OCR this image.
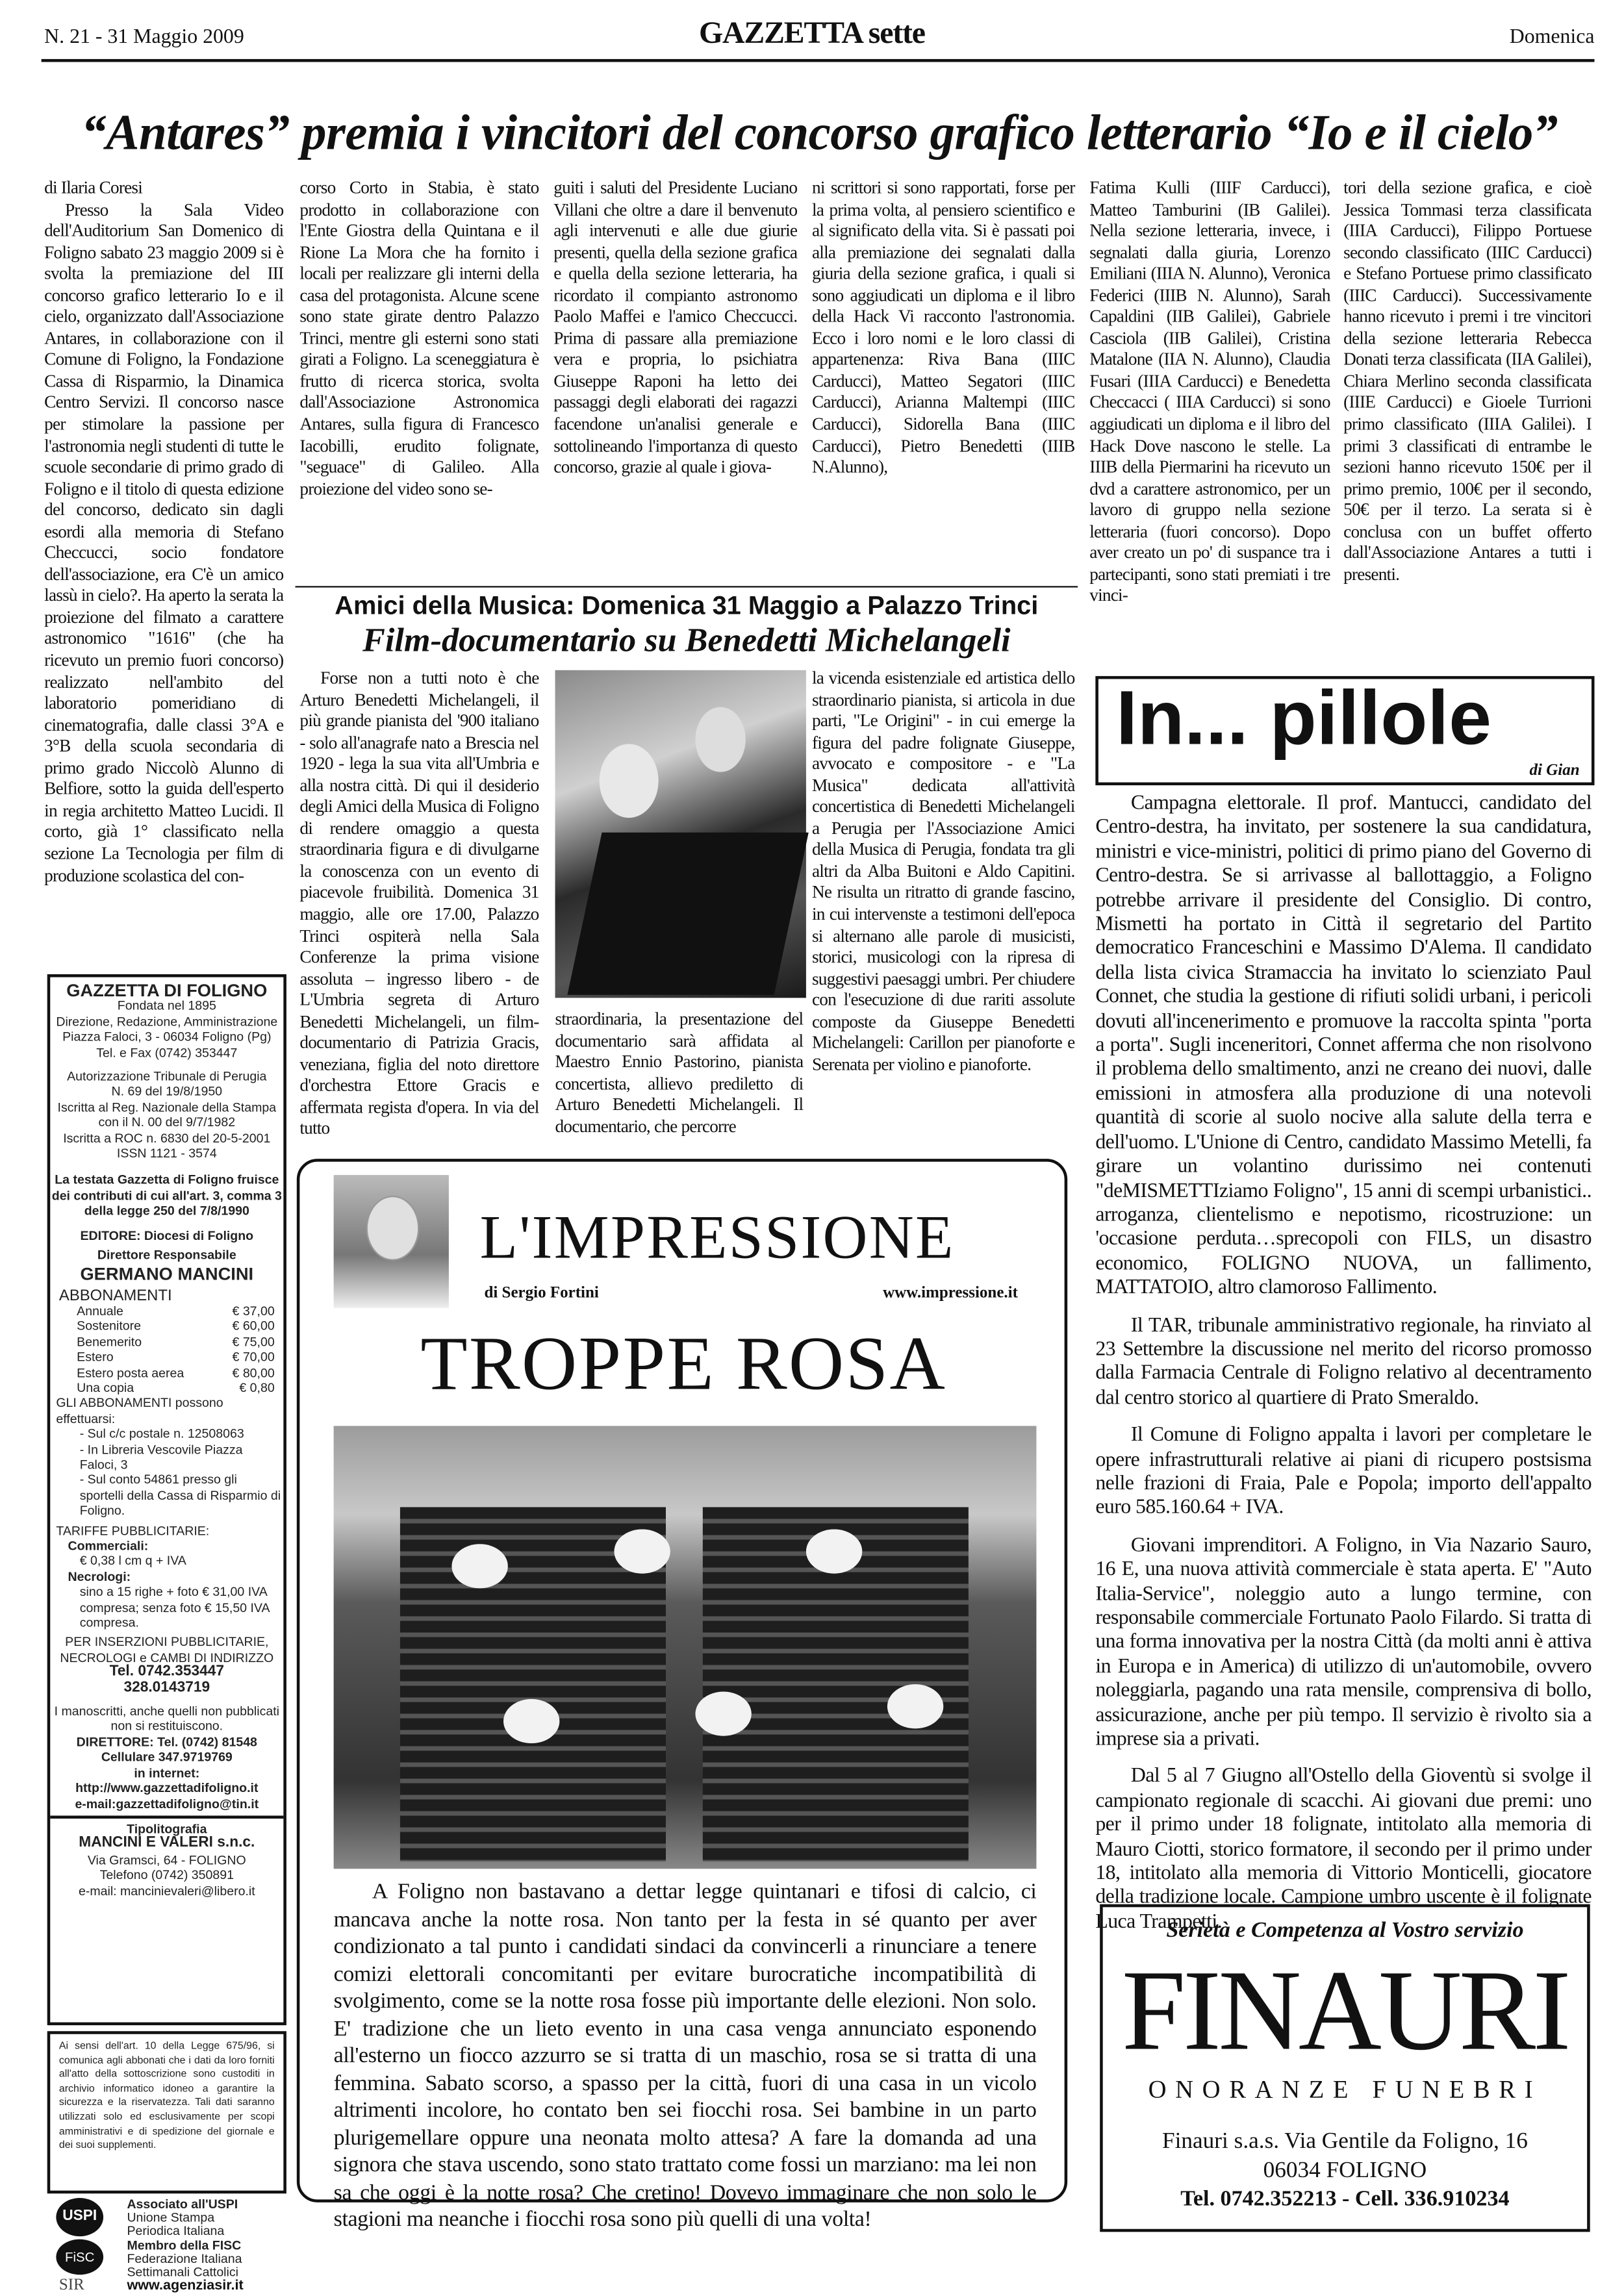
N. 21 - 31 Maggio 2009	GAZZETTA sette	Domenica
“Antares” premia i vincitori del concorso grafico letterario “Io e il cielo”
di Ilaria Coresi

Presso la Sala Video dell'Auditorium San Domenico di Foligno sabato 23 maggio 2009 si è svolta la premiazione del III concorso grafico letterario Io e il cielo, organizzato dall'Associazione Antares, in collaborazione con il Comune di Foligno, la Fondazione Cassa di Risparmio, la Dinamica Centro Servizi. Il concorso nasce per stimolare la passione per l'astronomia negli studenti di tutte le scuole secondarie di primo grado di Foligno e il titolo di questa edizione del concorso, dedicato sin dagli esordi alla memoria di Stefano Checcucci, socio fondatore dell'associazione, era C'è un amico lassù in cielo?. Ha aperto la serata la proiezione del filmato a carattere astronomico "1616" (che ha ricevuto un premio fuori concorso) realizzato nell'ambito del laboratorio pomeridiano di cinematografia, dalle classi 3°A e 3°B della scuola secondaria di primo grado Niccolò Alunno di Belfiore, sotto la guida dell'esperto in regia architetto Matteo Lucidi. Il corto, già 1° classificato nella sezione La Tecnologia per film di produzione scolastica del con-

corso Corto in Stabia, è stato prodotto in collaborazione con l'Ente Giostra della Quintana e il Rione La Mora che ha fornito i locali per realizzare gli interni della casa del protagonista. Alcune scene sono state girate dentro Palazzo Trinci, mentre gli esterni sono stati girati a Foligno. La sceneggiatura è frutto di ricerca storica, svolta dall'Associazione Astronomica Antares, sulla figura di Francesco Iacobilli, erudito folignate, "seguace" di Galileo. Alla proiezione del video sono se-

guiti i saluti del Presidente Luciano Villani che oltre a dare il benvenuto agli intervenuti e alle due giurie presenti, quella della sezione grafica e quella della sezione letteraria, ha ricordato il compianto astronomo Paolo Maffei e l'amico Checcucci. Prima di passare alla premiazione vera e propria, lo psichiatra Giuseppe Raponi ha letto dei passaggi degli elaborati dei ragazzi facendone un'analisi generale e sottolineando l'importanza di questo concorso, grazie al quale i giova-

ni scrittori si sono rapportati, forse per la prima volta, al pensiero scientifico e al significato della vita. Si è passati poi alla premiazione dei segnalati dalla giuria della sezione grafica, i quali si sono aggiudicati un diploma e il libro della Hack Vi racconto l'astronomia. Ecco i loro nomi e le loro classi di appartenenza: Riva Bana (IIIC Carducci), Matteo Segatori (IIIC Carducci), Arianna Maltempi (IIIC Carducci), Sidorella Bana (IIIC Carducci), Pietro Benedetti (IIIB N.Alunno),

Fatima Kulli (IIIF Carducci), Matteo Tamburini (IB Galilei). Nella sezione letteraria, invece, i segnalati dalla giuria, Lorenzo Emiliani (IIIA N. Alunno), Veronica Federici (IIIB N. Alunno), Sarah Capaldini (IIB Galilei), Gabriele Casciola (IIB Galilei), Cristina Matalone (IIA N. Alunno), Claudia Fusari (IIIA Carducci) e Benedetta Checcacci ( IIIA Carducci) si sono aggiudicati un diploma e il libro del Hack Dove nascono le stelle. La IIIB della Piermarini ha ricevuto un dvd a carattere astronomico, per un lavoro di gruppo nella sezione letteraria (fuori concorso). Dopo aver creato un po' di suspance tra i partecipanti, sono stati premiati i tre vinci-

tori della sezione grafica, e cioè Jessica Tommasi terza classificata (IIIA Carducci), Filippo Portuese secondo classificato (IIIC Carducci) e Stefano Portuese primo classificato (IIIC Carducci). Successivamente hanno ricevuto i premi i tre vincitori della sezione letteraria Rebecca Donati terza classificata (IIA Galilei), Chiara Merlino seconda classificata (IIIE Carducci) e Gioele Turrioni primo classificato (IIIA Galilei). I primi 3 classificati di entrambe le sezioni hanno ricevuto 150€ per il primo premio, 100€ per il secondo, 50€ per il terzo. La serata si è conclusa con un buffet offerto dall'Associazione Antares a tutti i presenti.

Amici della Musica: Domenica 31 Maggio a Palazzo Trinci
Film-documentario su Benedetti Michelangeli

Forse non a tutti noto è che Arturo Benedetti Michelangeli, il più grande pianista del '900 italiano - solo all'anagrafe nato a Brescia nel 1920 - lega la sua vita all'Umbria e alla nostra città. Di qui il desiderio degli Amici della Musica di Foligno di rendere omaggio a questa straordinaria figura e di divulgarne la conoscenza con un evento di piacevole fruibilità. Domenica 31 maggio, alle ore 17.00, Palazzo Trinci ospiterà nella Sala Conferenze la prima visione assoluta – ingresso libero - de L'Umbria segreta di Arturo Benedetti Michelangeli, un film-documentario di Patrizia Gracis, veneziana, figlia del noto direttore d'orchestra Ettore Gracis e affermata regista d'opera. In via del tutto

straordinaria, la presentazione del documentario sarà affidata al Maestro Ennio Pastorino, pianista concertista, allievo prediletto di Arturo Benedetti Michelangeli. Il documentario, che percorre

la vicenda esistenziale ed artistica dello straordinario pianista, si articola in due parti, "Le Origini" - in cui emerge la figura del padre folignate Giuseppe, avvocato e compositore - e "La Musica" dedicata all'attività concertistica di Benedetti Michelangeli a Perugia per l'Associazione Amici della Musica di Perugia, fondata tra gli altri da Alba Buitoni e Aldo Capitini. Ne risulta un ritratto di grande fascino, in cui intervenste a testimoni dell'epoca si alternano alle parole di musicisti, storici, musicologi con la ripresa di suggestivi paesaggi umbri. Per chiudere con l'esecuzione di due rariti assolute composte da Giuseppe Benedetti Michelangeli: Carillon per pianoforte e Serenata per violino e pianoforte.

L'IMPRESSIONE
di Sergio Fortini	www.impressione.it
TROPPE ROSA

A Foligno non bastavano a dettar legge quintanari e tifosi di calcio, ci mancava anche la notte rosa. Non tanto per la festa in sé quanto per aver condizionato a tal punto i candidati sindaci da convincerli a rinunciare a tenere comizi elettorali concomitanti per evitare burocratiche incompatibilità di svolgimento, come se la notte rosa fosse più importante delle elezioni. Non solo. E' tradizione che un lieto evento in una casa venga annunciato esponendo all'esterno un fiocco azzurro se si tratta di un maschio, rosa se si tratta di una femmina. Sabato scorso, a spasso per la città, fuori di una casa in un vicolo altrimenti incolore, ho contato ben sei fiocchi rosa. Sei bambine in un parto plurigemellare oppure una neonata molto attesa? A fare la domanda ad una signora che stava uscendo, sono stato trattato come fossi un marziano: ma lei non sa che oggi è la notte rosa? Che cretino! Dovevo immaginare che non solo le stagioni ma neanche i fiocchi rosa sono più quelli di una volta!

In... pillole
di Gian

Campagna elettorale. Il prof. Mantucci, candidato del Centro-destra, ha invitato, per sostenere la sua candidatura, ministri e vice-ministri, politici di primo piano del Governo di Centro-destra. Se si arrivasse al ballottaggio, a Foligno potrebbe arrivare il presidente del Consiglio. Di contro, Mismetti ha portato in Città il segretario del Partito democratico Franceschini e Massimo D'Alema. Il candidato della lista civica Stramaccia ha invitato lo scienziato Paul Connet, che studia la gestione di rifiuti solidi urbani, i pericoli dovuti all'incenerimento e promuove la raccolta spinta "porta a porta". Sugli inceneritori, Connet afferma che non risolvono il problema dello smaltimento, anzi ne creano dei nuovi, dalle emissioni in atmosfera alla produzione di una notevoli quantità di scorie al suolo nocive alla salute della terra e dell'uomo. L'Unione di Centro, candidato Massimo Metelli, fa girare un volantino durissimo nei contenuti "deMISMETTIziamo Foligno", 15 anni di scempi urbanistici.. arroganza, clientelismo e nepotismo, ricostruzione: un 'occasione perduta…sprecopoli con FILS, un disastro economico, FOLIGNO NUOVA, un fallimento, MATTATOIO, altro clamoroso Fallimento.

Il TAR, tribunale amministrativo regionale, ha rinviato al 23 Settembre la discussione nel merito del ricorso promosso dalla Farmacia Centrale di Foligno relativo al decentramento dal centro storico al quartiere di Prato Smeraldo.

Il Comune di Foligno appalta i lavori per completare le opere infrastrutturali relative ai piani di ricupero postsisma nelle frazioni di Fraia, Pale e Popola; importo dell'appalto euro 585.160.64 + IVA.

Giovani imprenditori. A Foligno, in Via Nazario Sauro, 16 E, una nuova attività commerciale è stata aperta. E' "Auto Italia-Service", noleggio auto a lungo termine, con responsabile commerciale Fortunato Paolo Filardo. Si tratta di una forma innovativa per la nostra Città (da molti anni è attiva in Europa e in America) di utilizzo di un'automobile, ovvero noleggiarla, pagando una rata mensile, comprensiva di bollo, assicurazione, anche per più tempo. Il servizio è rivolto sia a imprese sia a privati.

Dal 5 al 7 Giugno all'Ostello della Gioventù si svolge il campionato regionale di scacchi. Ai giovani due premi: uno per il primo under 18 folignate, intitolato alla memoria di Mauro Ciotti, storico formatore, il secondo per il primo under 18, intitolato alla memoria di Vittorio Monticelli, giocatore della tradizione locale. Campione umbro uscente è il folignate Luca Trampetti.

Serietà e Competenza al Vostro servizio
FINAURI
ONORANZE FUNEBRI
Finauri s.a.s. Via Gentile da Foligno, 16
06034 FOLIGNO
Tel. 0742.352213 - Cell. 336.910234
GAZZETTA DI FOLIGNO
Fondata nel 1895
Direzione, Redazione, Amministrazione
Piazza Faloci, 3 - 06034 Foligno (Pg)
Tel. e Fax (0742) 353447
Autorizzazione Tribunale di Perugia
N. 69 del 19/8/1950
Iscritta al Reg. Nazionale della Stampa
con il N. 00 del 9/7/1982
Iscritta a ROC n. 6830 del 20-5-2001
ISSN 1121 - 3574
La testata Gazzetta di Foligno fruisce dei contributi di cui all'art. 3, comma 3 della legge 250 del 7/8/1990
EDITORE: Diocesi di Foligno
Direttore Responsabile
GERMANO MANCINI
ABBONAMENTI
Annuale	€ 37,00
Sostenitore	€ 60,00
Benemerito	€ 75,00
Estero	€ 70,00
Estero posta aerea	€ 80,00
Una copia	€ 0,80
GLI ABBONAMENTI possono effettuarsi:
- Sul c/c postale n. 12508063
- In Libreria Vescovile Piazza Faloci, 3
- Sul conto 54861 presso gli sportelli della Cassa di Risparmio di Foligno.
TARIFFE PUBBLICITARIE:
Commerciali:
€ 0,38 l cm q + IVA
Necrologi:
sino a 15 righe + foto € 31,00 IVA compresa; senza foto € 15,50 IVA compresa.
PER INSERZIONI PUBBLICITARIE, NECROLOGI e CAMBI DI INDIRIZZO
Tel. 0742.353447
328.0143719
I manoscritti, anche quelli non pubblicati non si restituiscono.
DIRETTORE: Tel. (0742) 81548
Cellulare 347.9719769
in internet:
http://www.gazzettadifoligno.it
e-mail:gazzettadifoligno@tin.it
Tipolitografia
MANCINI E VALERI s.n.c.
Via Gramsci, 64 - FOLIGNO
Telefono (0742) 350891
e-mail: mancinievaleri@libero.it
Ai sensi dell'art. 10 della Legge 675/96, si comunica agli abbonati che i dati da loro forniti all'atto della sottoscrizione sono custoditi in archivio informatico idoneo a garantire la sicurezza e la riservatezza. Tali dati saranno utilizzati solo ed esclusivamente per scopi amministrativi e di spedizione del giornale e dei suoi supplementi.
USPI
Associato all'USPI
Unione Stampa
Periodica Italiana
FiSC
Membro della FISC
Federazione Italiana
Settimanali Cattolici
SIR	www.agenziasir.it
